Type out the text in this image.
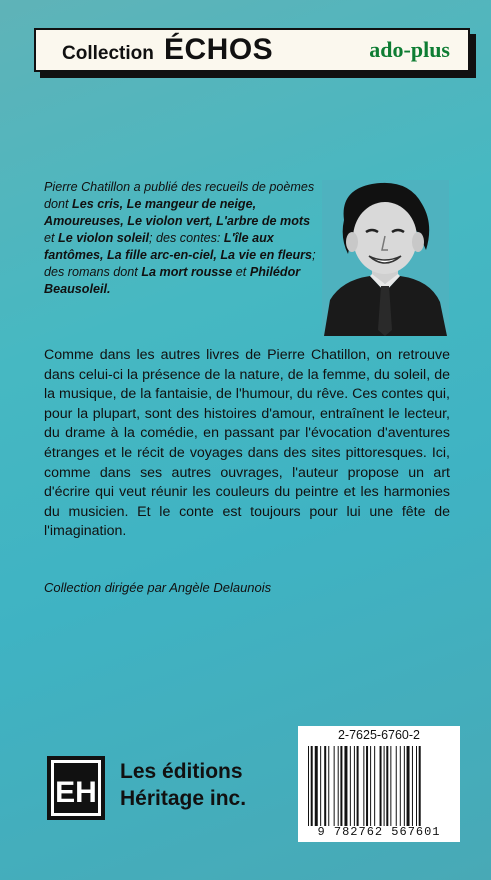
Collection ÉCHOS	ado-plus
Pierre Chatillon a publié des recueils de poèmes dont Les cris, Le mangeur de neige, Amoureuses, Le violon vert, L'arbre de mots et Le violon soleil; des contes: L'île aux fantômes, La fille arc-en-ciel, La vie en fleurs; des romans dont La mort rousse et Philédor Beausoleil.
Comme dans les autres livres de Pierre Chatillon, on retrouve dans celui-ci la présence de la nature, de la femme, du soleil, de la musique, de la fantaisie, de l'humour, du rêve. Ces contes qui, pour la plupart, sont des histoires d'amour, entraînent le lecteur, du drame à la comédie, en passant par l'évocation d'aventures étranges et le récit de voyages dans des sites pittoresques. Ici, comme dans ses autres ouvrages, l'auteur propose un art d'écrire qui veut réunir les couleurs du peintre et les harmonies du musicien. Et le conte est toujours pour lui une fête de l'imagination.
Collection dirigée par Angèle Delaunois
EH
Les éditions
Héritage inc.
2-7625-6760-2
9 782762 567601
